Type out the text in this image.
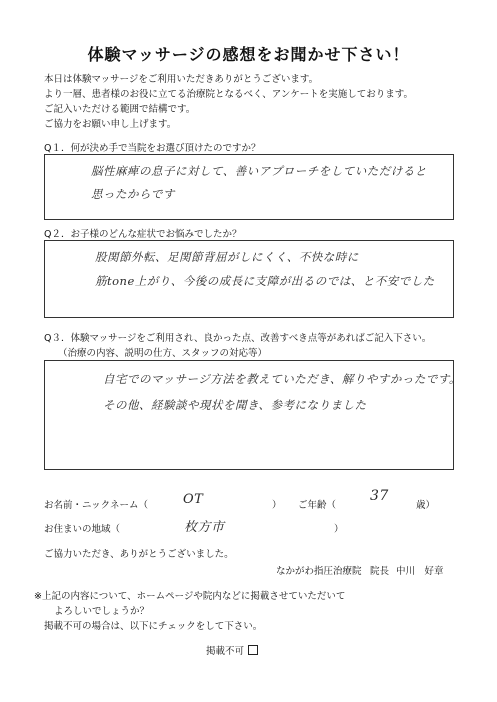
体験マッサージの感想をお聞かせ下さい！
本日は体験マッサージをご利用いただきありがとうございます。
より一層、患者様のお役に立てる治療院となるべく、アンケートを実施しております。
ご記入いただける範囲で結構です。
ご協力をお願い申し上げます。
Q１．何が決め手で当院をお選び頂けたのですか？
脳性麻痺の息子に対して、善いアプローチをしていただけると
思ったからです
Q２．お子様のどんな症状でお悩みでしたか？
股関節外転、足関節背屈がしにくく、不快な時に
筋tone上がり、今後の成長に支障が出るのでは、と不安でした
Q３．体験マッサージをご利用され、良かった点、改善すべき点等があればご記入下さい。
（治療の内容、説明の仕方、スタッフの対応等）
自宅でのマッサージ方法を教えていただき、解りやすかったです。
その他、経験談や現状を聞き、参考になりました
お名前・ニックネーム（	OT	） ご年齢（
37
歳）
お住まいの地域（	枚方市	）
ご協力いただき、ありがとうございました。
なかがわ指圧治療院 院長 中川　好章
※上記の内容について、ホームページや院内などに掲載させていただいて
よろしいでしょうか？
掲載不可の場合は、以下にチェックをして下さい。
掲載不可
